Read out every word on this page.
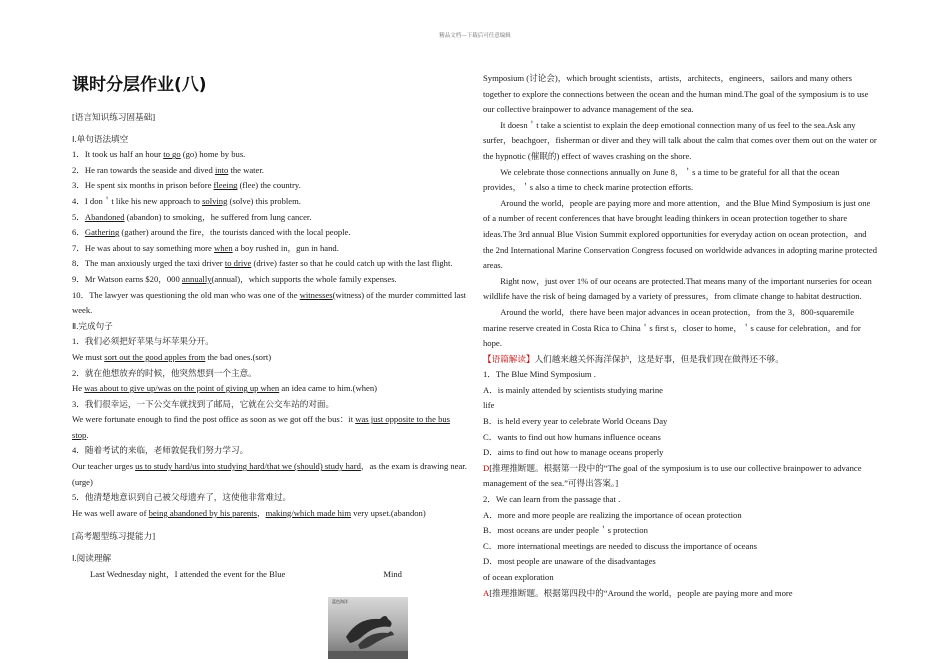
精品文档---下载后可任意编辑
课时分层作业(八)

[语言知识练习固基础]

Ⅰ.单句语法填空

1．It took us half an hour to go (go) home by bus.

2．He ran towards the seaside and dived into the water.

3．He spent six months in prison before fleeing (flee) the country.

4．I don＇t like his new approach to solving (solve) this problem.

5．Abandoned (abandon) to smoking，he suffered from lung cancer.

6．Gathering (gather) around the fire，the tourists danced with the local people.

7．He was about to say something more when a boy rushed in，gun in hand.

8．The man anxiously urged the taxi driver to drive (drive) faster so that he could catch up with the last flight.

9．Mr Watson earns $20，000 annually(annual)，which supports the whole family expenses.

10．The lawyer was questioning the old man who was one of the witnesses(witness) of the murder committed last week.

Ⅱ.完成句子

1．我们必须把好苹果与坏苹果分开。

We must sort out the good apples from the bad ones.(sort)

2．就在他想放弃的时候，他突然想到一个主意。

He was about to give up/was on the point of giving up when an idea came to him.(when)

3．我们很幸运，一下公交车就找到了邮局，它就在公交车站的对面。

We were fortunate enough to find the post office as soon as we got off the bus：it was just opposite to the bus stop.

4．随着考试的来临，老师敦促我们努力学习。

Our teacher urges us to study hard/us into studying hard/that we (should) study hard，as the exam is drawing near.(urge)

5．他清楚地意识到自己被父母遗弃了，这使他非常难过。

He was well aware of being abandoned by his parents，making/which made him very upset.(abandon)

[高考题型练习提能力]

Ⅰ.阅读理解

Last Wednesday night，I attended the event for the Blue	Mind

蓝色海洋

Symposium (讨论会)，which brought scientists，artists，architects，engineers，sailors and many others together to explore the connections between the ocean and the human mind.The goal of the symposium is to use our collective brainpower to advance management of the sea.

It doesn＇t take a scientist to explain the deep emotional connection many of us feel to the sea.Ask any surfer，beachgoer，fisherman or diver and they will talk about the calm that comes over them out on the water or the hypnotic (催眠的) effect of waves crashing on the shore.

We celebrate those connections annually on June 8，＇s a time to be grateful for all that the ocean provides，＇s also a time to check marine protection efforts.

Around the world，people are paying more and more attention，and the Blue Mind Symposium is just one of a number of recent conferences that have brought leading thinkers in ocean protection together to share ideas.The 3rd annual Blue Vision Summit explored opportunities for everyday action on ocean protection，and the 2nd International Marine Conservation Congress focused on worldwide advances in adopting marine protected areas.

Right now，just over 1% of our oceans are protected.That means many of the important nurseries for ocean wildlife have the risk of being damaged by a variety of pressures，from climate change to habitat destruction.

Around the world，there have been major advances in ocean protection，from the 3，800-squaremile marine reserve created in Costa Rica to China＇s first s，closer to home，＇s cause for celebration，and for hope.

【语篇解读】人们越来越关怀海洋保护，这是好事，但是我们现在做得还不够。

1．The Blue Mind Symposium .

A．is mainly attended by scientists studying marine

life

B．is held every year to celebrate World Oceans Day

C．wants to find out how humans influence oceans

D．aims to find out how to manage oceans properly

D[推理推断题。根据第一段中的“The goal of the symposium is to use our collective brainpower to advance management of the sea.”可得出答案。]

2．We can learn from the passage that .

A．more and more people are realizing the importance of ocean protection

B．most oceans are under people＇s protection

C．more international meetings are needed to discuss the importance of oceans

D．most people are unaware of the disadvantages

of ocean exploration

A[推理推断题。根据第四段中的“Around the world，people are paying more and more
